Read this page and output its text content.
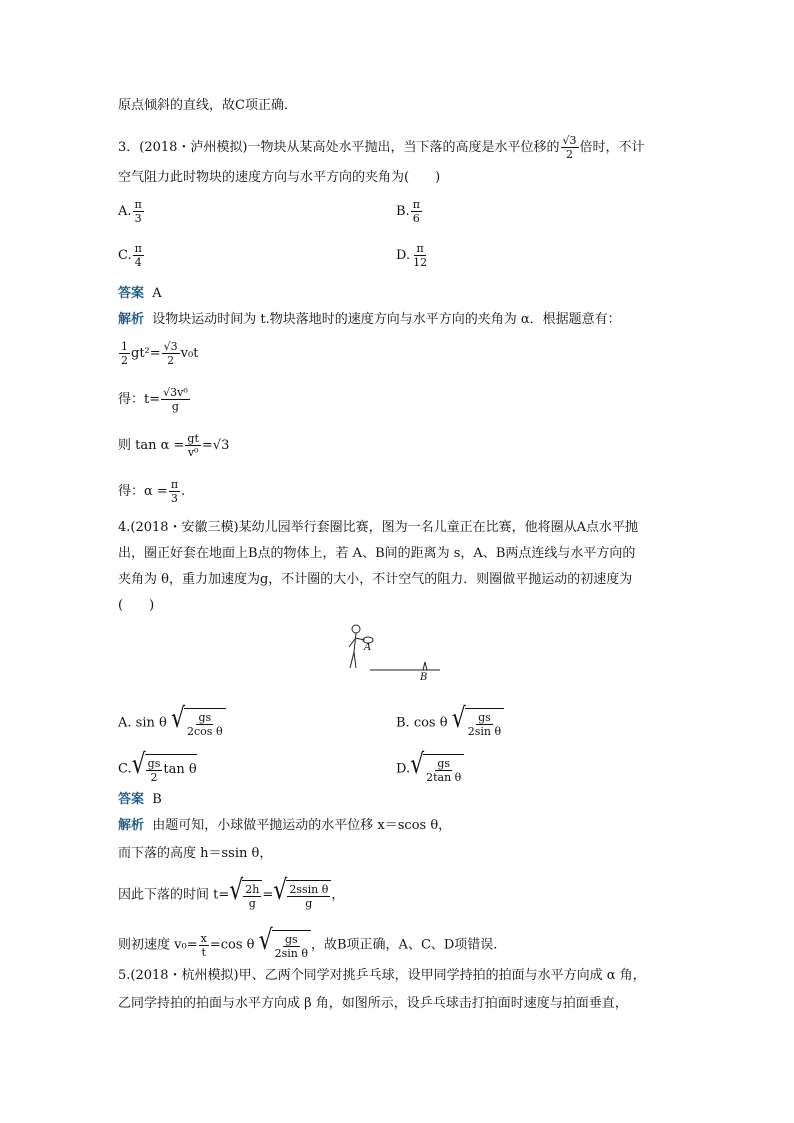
原点倾斜的直线，故C项正确．
3．(2018・泸州模拟)一物块从某高处水平抛出，当下落的高度是水平位移的 $\frac{√3}{2}$ 倍时，不计
空气阻力此时物块的速度方向与水平方向的夹角为(　　)
A. $\frac{\pi}{3}$	B. $\frac{\pi}{6}$
C. $\frac{\pi}{4}$	D. $\frac{\pi}{12}$
答案 A
解析 设物块运动时间为 t.物块落地时的速度方向与水平方向的夹角为 α．根据题意有：
$\frac{1}{2} gt^2= \frac{√3}{2} v_0t$
得：$t= \frac{\text{√3v⁰}}{g}$
则 $\tan \alpha = \frac{gt}{\text{v⁰}} =√3$
得：$\alpha = \frac{\pi}{3}$ .
4.(2018・安徽三模)某幼儿园举行套圈比赛，图为一名儿童正在比赛，他将圈从A点水平抛
出，圈正好套在地面上B点的物体上，若 A、B间的距离为 s，A、B两点连线与水平方向的
夹角为 θ，重力加速度为g，不计圈的大小，不计空气的阻力．则圈做平抛运动的初速度为
(　　)
A
B
A. sin θ √ $\frac{gs}{\text{2cos θ}}$	B. cos θ √ $\frac{gs}{\text{2sin θ}}$
C. √ $\frac{gs}{2}$ tan θ	D. √ $\frac{gs}{\text{2tan θ}}$
答案 B
解析 由题可知，小球做平抛运动的水平位移 x＝scos θ，
而下落的高度 h＝ssin θ，
因此下落的时间 t= √ $\frac{2h}{g}$ = √ $\frac{\text{2ssin θ}}{g}$ ，
则初速度 $v_0= \frac{x}{t} =\cos$ θ √ $\frac{gs}{\text{2sin θ}}$ ，故B项正确，A、C、D项错误.
5.(2018・杭州模拟)甲、乙两个同学对挑乒乓球，设甲同学持拍的拍面与水平方向成 α 角，
乙同学持拍的拍面与水平方向成 β 角，如图所示，设乒乓球击打拍面时速度与拍面垂直，
